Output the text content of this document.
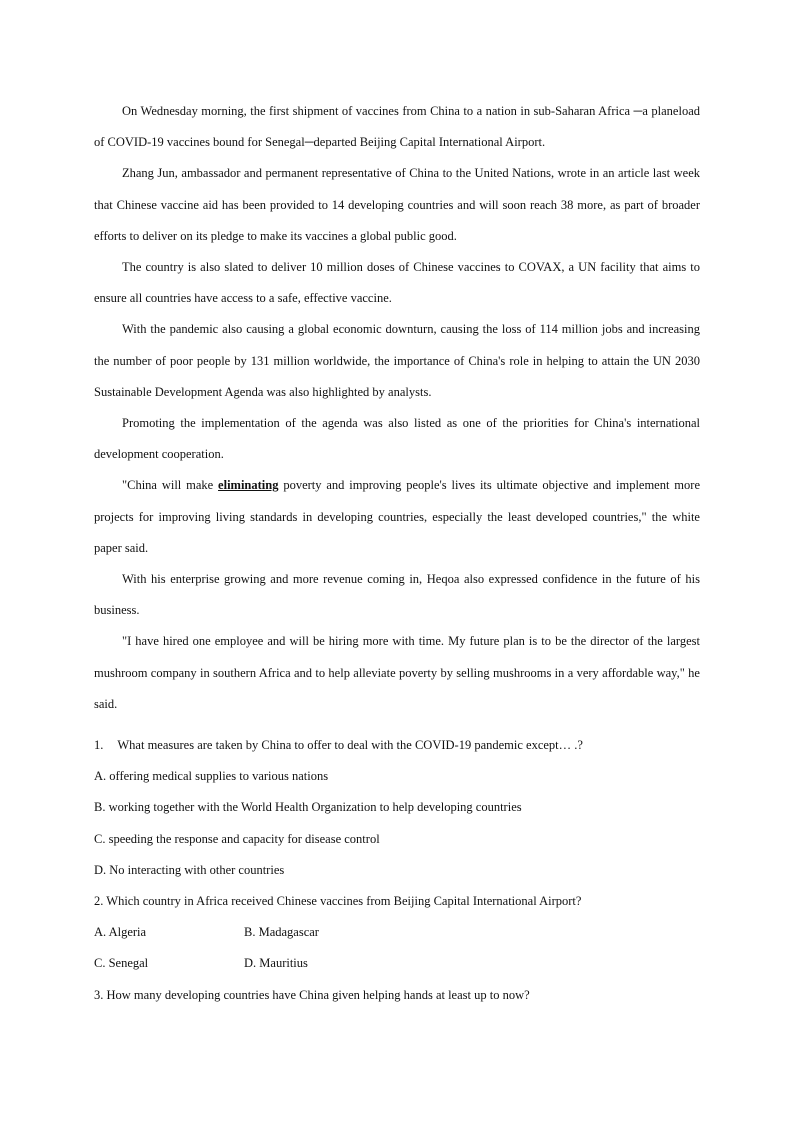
On Wednesday morning, the first shipment of vaccines from China to a nation in sub-Saharan Africa ─a planeload of COVID-19 vaccines bound for Senegal─departed Beijing Capital International Airport.

Zhang Jun, ambassador and permanent representative of China to the United Nations, wrote in an article last week that Chinese vaccine aid has been provided to 14 developing countries and will soon reach 38 more, as part of broader efforts to deliver on its pledge to make its vaccines a global public good.

The country is also slated to deliver 10 million doses of Chinese vaccines to COVAX, a UN facility that aims to ensure all countries have access to a safe, effective vaccine.

With the pandemic also causing a global economic downturn, causing the loss of 114 million jobs and increasing the number of poor people by 131 million worldwide, the importance of China's role in helping to attain the UN 2030 Sustainable Development Agenda was also highlighted by analysts.

Promoting the implementation of the agenda was also listed as one of the priorities for China's international development cooperation.

"China will make eliminating poverty and improving people's lives its ultimate objective and implement more projects for improving living standards in developing countries, especially the least developed countries," the white paper said.

With his enterprise growing and more revenue coming in, Heqoa also expressed confidence in the future of his business.

"I have hired one employee and will be hiring more with time. My future plan is to be the director of the largest mushroom company in southern Africa and to help alleviate poverty by selling mushrooms in a very affordable way," he said.

1. What measures are taken by China to offer to deal with the COVID-19 pandemic except… .?

A. offering medical supplies to various nations

B. working together with the World Health Organization to help developing countries

C. speeding the response and capacity for disease control

D. No interacting with other countries

2. Which country in Africa received Chinese vaccines from Beijing Capital International Airport?

A. Algeria	B. Madagascar
C. Senegal	D. Mauritius

3. How many developing countries have China given helping hands at least up to now?
